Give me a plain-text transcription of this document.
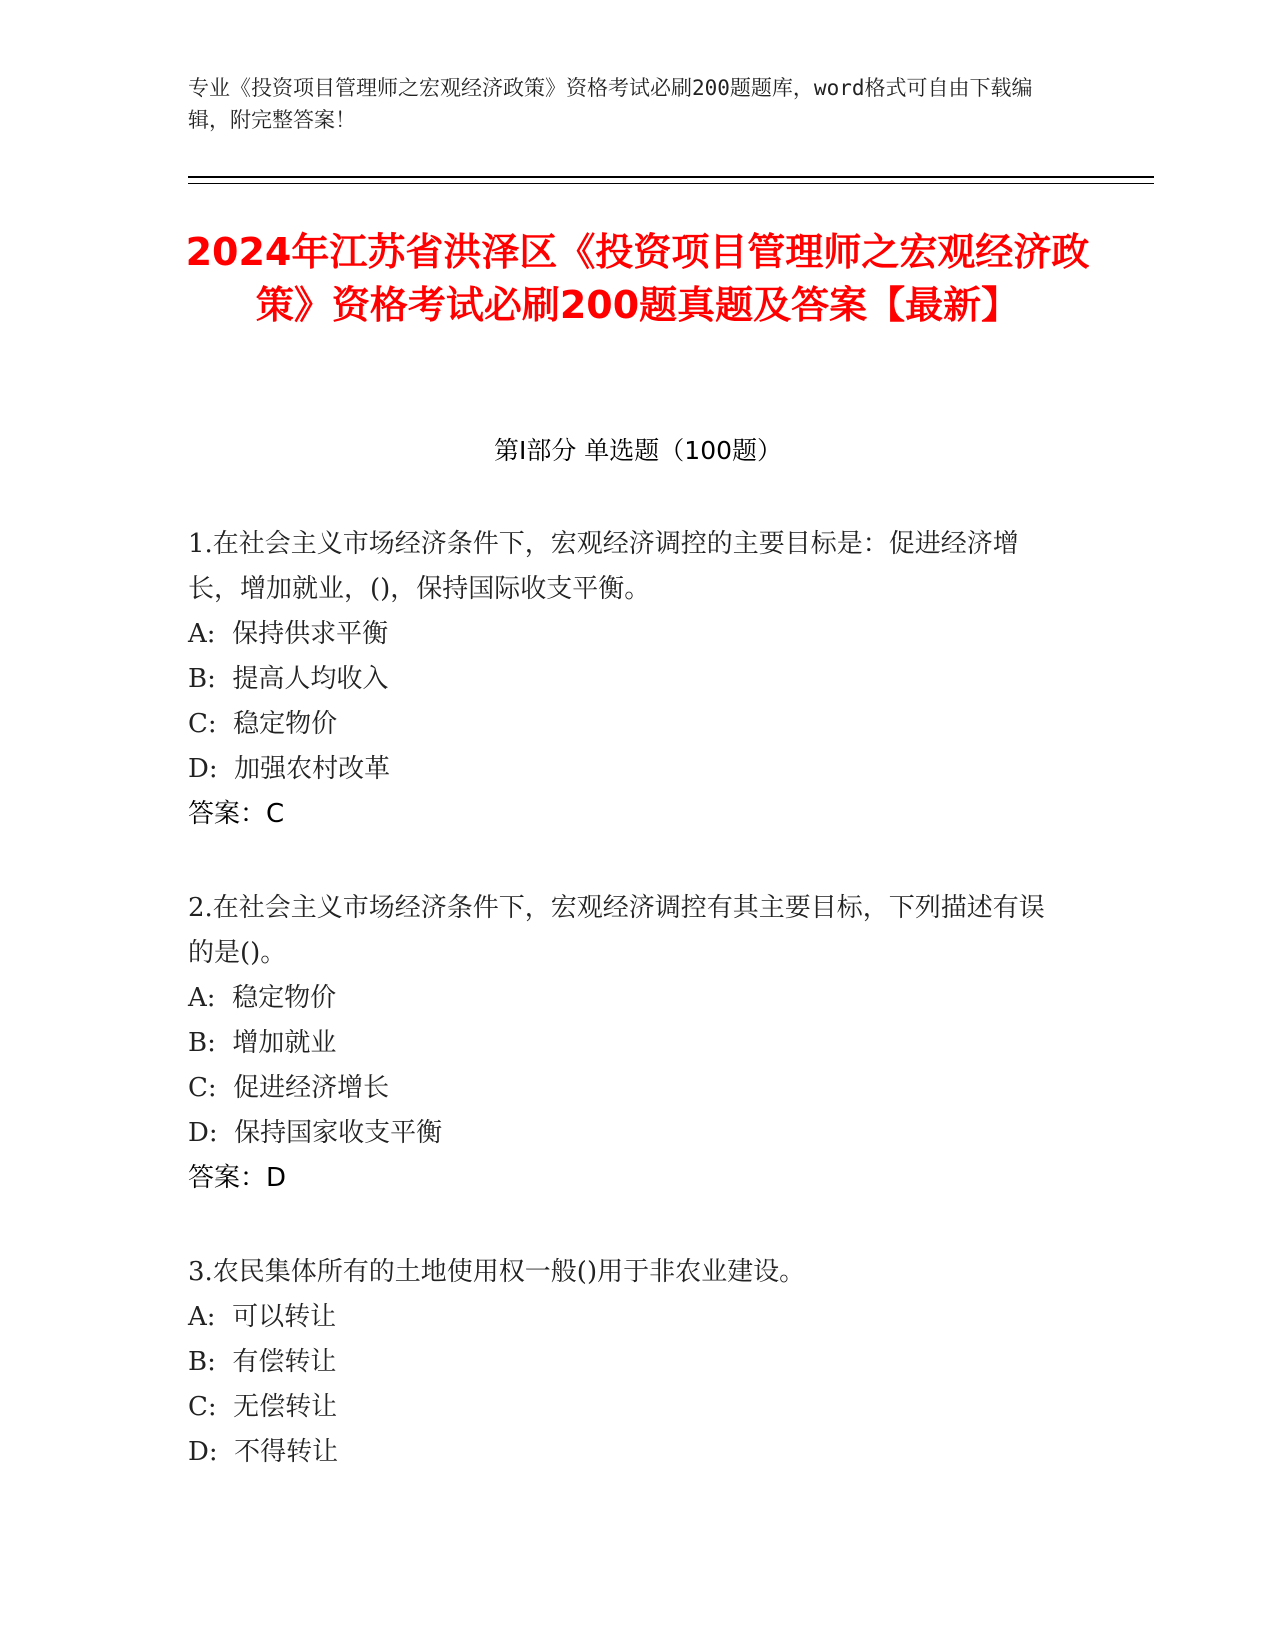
专业《投资项目管理师之宏观经济政策》资格考试必刷200题题库，word格式可自由下载编辑，附完整答案！
2024年江苏省洪泽区《投资项目管理师之宏观经济政策》资格考试必刷200题真题及答案【最新】
第Ⅰ部分 单选题（100题）

1.在社会主义市场经济条件下，宏观经济调控的主要目标是：促进经济增长，增加就业，()，保持国际收支平衡。

A:  保持供求平衡

B:  提高人均收入

C:  稳定物价

D:  加强农村改革

答案：C

2.在社会主义市场经济条件下，宏观经济调控有其主要目标，下列描述有误的是()。

A:  稳定物价

B:  增加就业

C:  促进经济增长

D:  保持国家收支平衡

答案：D

3.农民集体所有的土地使用权一般()用于非农业建设。

A:  可以转让

B:  有偿转让

C:  无偿转让

D:  不得转让
